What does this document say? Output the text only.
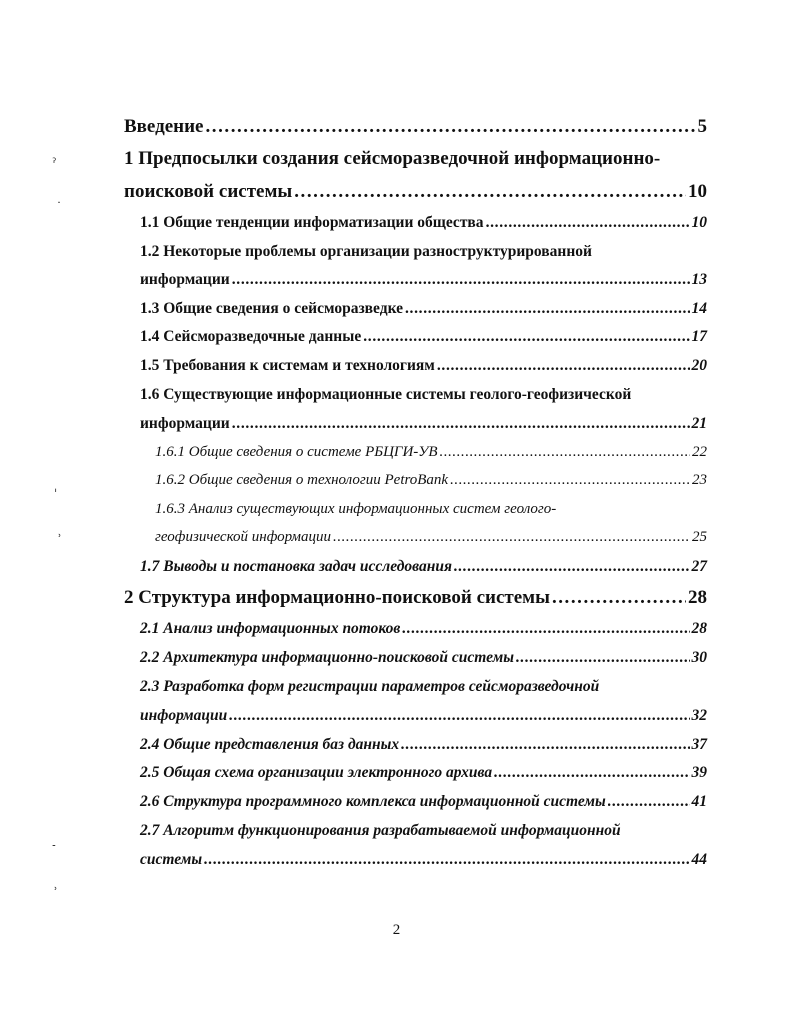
Введение . . .	5
1 Предпосылки создания сейсморазведочной информационно-
поисковой системы . . .	10
1.1 Общие тенденции информатизации общества . . .	10
1.2 Некоторые проблемы организации разноструктурированной
информации . . .	13
1.3 Общие сведения о сейсморазведке . . .	14
1.4 Сейсморазведочные данные . . .	17
1.5 Требования к системам и технологиям . . .	20
1.6 Существующие информационные системы геолого-геофизической
информации . . .	21
1.6.1 Общие сведения о системе РБЦГИ-УВ . . .	22
1.6.2 Общие сведения о технологии PetroBank . . .	23
1.6.3 Анализ существующих информационных систем геолого-
геофизической информации . . .	25
1.7 Выводы и постановка задач исследования . . .	27
2 Структура информационно-поисковой системы . . .	28
2.1 Анализ информационных потоков . . .	28
2.2 Архитектура информационно-поисковой системы . . .	30
2.3 Разработка форм регистрации параметров сейсморазведочной
информации . . .	32
2.4 Общие представления баз данных . . .	37
2.5 Общая схема организации электронного архива . . .	39
2.6 Структура программного комплекса информационной системы . . .	41
2.7 Алгоритм функционирования разрабатываемой информационной
системы . . .	44
2
ˀ
˙
ˈ
˒
˗
˒
